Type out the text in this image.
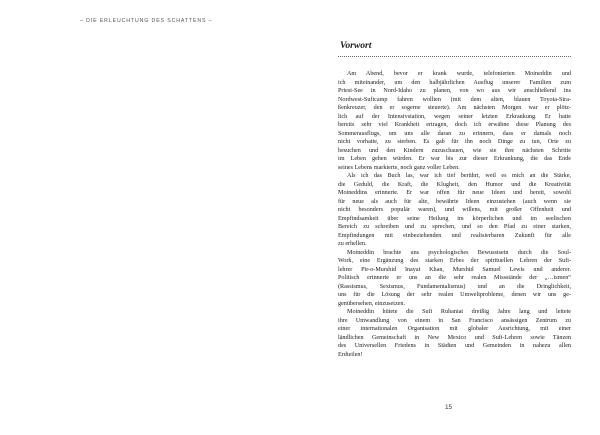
– DIE ERLEUCHTUNG DES SCHATTENS –
Vorwort
Am Abend, bevor er krank wurde, telefonierten Moineddin und
ich miteinander, um den halbjährlichen Ausflug unserer Familien zum
Priest-See in Nord-Idaho zu planen, von wo aus wir anschließend ins
Nordwest-Suficamp fahren wollten (mit dem alten, blauen Toyota-Stra-
ßenkreuzer, den er sogerne steuerte). Am nächsten Morgen war er plötz-
lich auf der Intensivstation, wegen seiner letzten Erkrankung. Er hatte
bereits sehr viel Krankheit ertragen, doch ich erwähne diese Planung des
Sommerausflugs, um uns alle daran zu erinnern, dass er damals noch
nicht vorhatte, zu sterben. Es gab für ihn noch Dinge zu tun, Orte zu
besuchen und den Kindern zuzuschauen, wie sie ihre nächsten Schritte
im Leben gehen würden. Er war bis zur dieser Erkrankung, die das Ende
seines Lebens markierte, noch ganz voller Leben.
Als ich das Buch las, war ich tief berührt, weil es mich an die Stärke,
die Geduld, die Kraft, die Klugheit, den Humor und die Kreativität
Moineddins erinnerte. Er war offen für neue Ideen und bereit, sowohl
für neue als auch für alte, bewährte Ideen einzustehen (auch wenn sie
nicht besonders populär waren), und willens, mit großer Offenheit und
Empfindsamkeit über seine Heilung im körperlichen und im seelischen
Bereich zu schreiben und zu sprechen, und so den Pfad zu einer starken,
Empfindungen mit einbeziehenden und realisierbaren Zukunft für alle
zu erhellen.
Moineddin brachte uns psychologisches Bewusstsein durch die Soul-
Work, eine Ergänzung des starken Erbes der spirituellen Lehren der Sufi-
lehrer Pir-o-Murshid Inayat Khan, Murshid Samuel Lewis und anderer.
Politisch erinnerte er uns an die sehr realen Missstände der „…ismen“
(Rassismus, Sexismus, Fundamentalismus) und an die Dringlichkeit,
uns für die Lösung der sehr realen Umweltprobleme, denen wir uns ge-
genübersehen, einzusetzen.
Moineddin hütete die Sufi Ruhaniat dreißig Jahre lang und leitete
ihre Umwandlung von einem in San Francisco ansässigen Zentrum zu
einer internationalen Organisation mit globaler Ausrichtung, mit einer
ländlichen Gemeinschaft in New Mexico und Sufi-Lehren sowie Tänzen
des Universellen Friedens in Städten und Gemeinden in nahezu allen
Erdteilen!
15
